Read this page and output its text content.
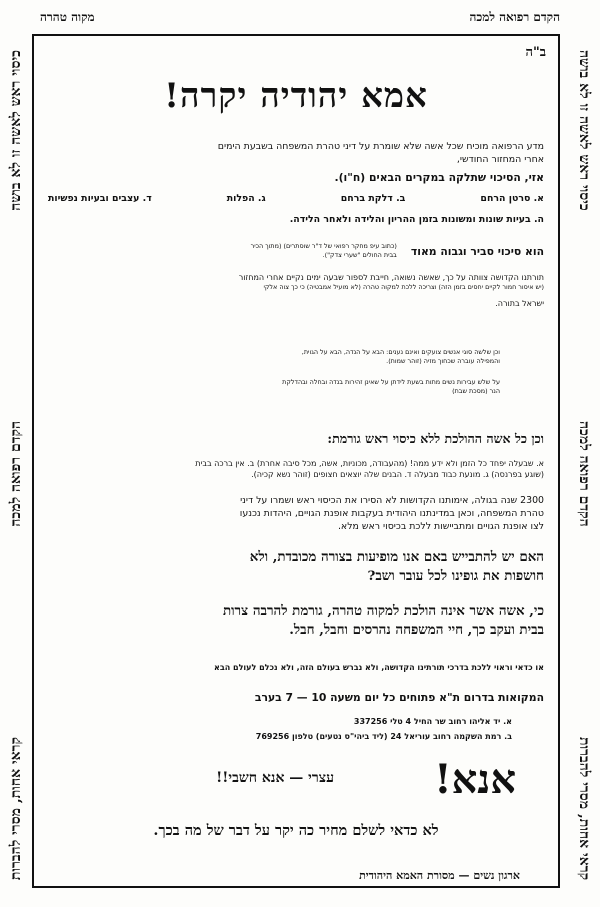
הקדם רפואה למכה
מקוה טהרה
כיסוי ראש לאשה זו לא בושה
הקדם רפואה למכה
קראי אחות, מסרי להברות
כיסוי ראש לאשה זו לא בושה
הקדם רפואה למכה
קראי אחות, מסרי להברות
ב"ה
אמא יהודיה יקרה!
מדע הרפואה מוכיח שכל אשה שלא שומרת על דיני טהרת המשפחה בשבעת הימים
אחרי המחזור החודשי,
אזי, הסיכוי שתלקה במקרים הבאים (ח"ו).
א. סרטן הרחם
ב. דלקת ברחם
ג. הפלות
ד. עצבים ובעיות נפשיות
ה. בעיות שונות ומשונות בזמן ההריון והלידה ולאחר הלידה.
הוא סיכוי סביר וגבוה מאוד
(כתוב עיפ מחקר רפואי של ד"ר שוסתרים) (מתוך הכיר
בבית החולים "שערי צדק").
תורתנו הקדושה צוותה על כך, שאשה נשואה, חייבת לספור שבעה ימים נקיים אחרי המחזור
(יש איסור חמור לקיים יחסים בזמן הזה) וצריכה ללכת למקוה טהרה (לא מועיל אמבטיה) כי כך צוה אלקי
ישראל בתורה.
וכן שלשה סוגי אנשים צועקים ואינם נענים: הבא על הנדה, הבא על הגוית,
והמפילה עוברה שכחוך מזיה (זוהר שמות).
על שלש עבירות נשים מתות בשעת לידתן על שאינן זהירות בנדה ובחלה ובהדלקת
הנר (מסכת שבת)
וכן כל אשה ההולכת ללא כיסוי ראש גורמת:
א. שבעלה יפחד כל הזמן ולא ידע ממה! (מהעבודה, מכוניות, אשה, מכל סיבה אחרת) ב. אין ברכה בבית
(שוגע בפרנסה) ג. מונעת כבוד מבעלה ד. הבנים שלה יוצאים חצופים (זוהר נשא קכיה).
2300 שנה בגולה, אימותנו הקדושות לא הסירו את הכיסוי ראש ושמרו על דיני
טהרת המשפחה, וכאן במדינתנו היהודית בעקבות אופנת הגויים, היהדות נכנעו
לצו אופנת הגויים ומתביישות ללכת בכיסוי ראש מלא.
האם יש להתבייש באם אנו מופיעות בצורה מכובדת, ולא
חושפות את גופינו לכל עובר ושב?
כי, אשה אשר אינה הולכת למקוה טהרה, גורמת להרבה צרות
בבית ועקב כך, חיי המשפחה נהרסים וחבל, חבל.
או כדאי וראוי ללכת בדרכי תורתינו הקדושה, ולא נברש בעולם הזה, ולא נכלם לעולם הבא
המקואות בדרום ת"א פתוחים כל יום משעה 10 — 7 בערב
א. יד אליהו רחוב שר החיל 4 טלי 337256
ב. רמת השקמה רחוב עוריאל 24 (ליד ביהי"ס נטעים) טלפון 769256
אנא!
עצרי — אנא חשבי!!
לא כדאי לשלם מחיר כה יקר על דבר של מה בכך.
ארגון נשים — מסורת האמא היהודית
